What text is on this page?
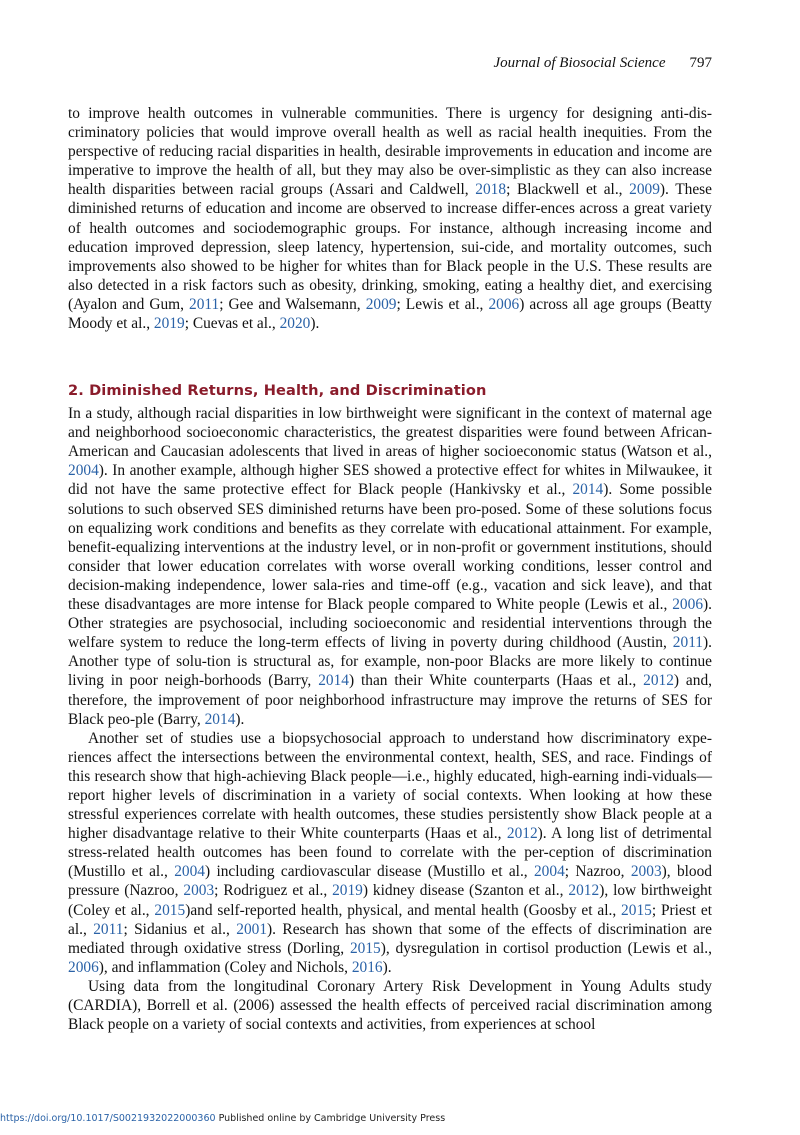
Journal of Biosocial Science 797

to improve health outcomes in vulnerable communities. There is urgency for designing anti-dis-criminatory policies that would improve overall health as well as racial health inequities. From the perspective of reducing racial disparities in health, desirable improvements in education and income are imperative to improve the health of all, but they may also be over-simplistic as they can also increase health disparities between racial groups (Assari and Caldwell, 2018; Blackwell et al., 2009). These diminished returns of education and income are observed to increase differ-ences across a great variety of health outcomes and sociodemographic groups. For instance, although increasing income and education improved depression, sleep latency, hypertension, sui-cide, and mortality outcomes, such improvements also showed to be higher for whites than for Black people in the U.S. These results are also detected in a risk factors such as obesity, drinking, smoking, eating a healthy diet, and exercising (Ayalon and Gum, 2011; Gee and Walsemann, 2009; Lewis et al., 2006) across all age groups (Beatty Moody et al., 2019; Cuevas et al., 2020).

2. Diminished Returns, Health, and Discrimination

In a study, although racial disparities in low birthweight were significant in the context of maternal age and neighborhood socioeconomic characteristics, the greatest disparities were found between African-American and Caucasian adolescents that lived in areas of higher socioeconomic status (Watson et al., 2004). In another example, although higher SES showed a protective effect for whites in Milwaukee, it did not have the same protective effect for Black people (Hankivsky et al., 2014). Some possible solutions to such observed SES diminished returns have been pro-posed. Some of these solutions focus on equalizing work conditions and benefits as they correlate with educational attainment. For example, benefit-equalizing interventions at the industry level, or in non-profit or government institutions, should consider that lower education correlates with worse overall working conditions, lesser control and decision-making independence, lower sala-ries and time-off (e.g., vacation and sick leave), and that these disadvantages are more intense for Black people compared to White people (Lewis et al., 2006). Other strategies are psychosocial, including socioeconomic and residential interventions through the welfare system to reduce the long-term effects of living in poverty during childhood (Austin, 2011). Another type of solu-tion is structural as, for example, non-poor Blacks are more likely to continue living in poor neigh-borhoods (Barry, 2014) than their White counterparts (Haas et al., 2012) and, therefore, the improvement of poor neighborhood infrastructure may improve the returns of SES for Black peo-ple (Barry, 2014).

Another set of studies use a biopsychosocial approach to understand how discriminatory expe-riences affect the intersections between the environmental context, health, SES, and race. Findings of this research show that high-achieving Black people—i.e., highly educated, high-earning indi-viduals—report higher levels of discrimination in a variety of social contexts. When looking at how these stressful experiences correlate with health outcomes, these studies persistently show Black people at a higher disadvantage relative to their White counterparts (Haas et al., 2012). A long list of detrimental stress-related health outcomes has been found to correlate with the per-ception of discrimination (Mustillo et al., 2004) including cardiovascular disease (Mustillo et al., 2004; Nazroo, 2003), blood pressure (Nazroo, 2003; Rodriguez et al., 2019) kidney disease (Szanton et al., 2012), low birthweight (Coley et al., 2015)and self-reported health, physical, and mental health (Goosby et al., 2015; Priest et al., 2011; Sidanius et al., 2001). Research has shown that some of the effects of discrimination are mediated through oxidative stress (Dorling, 2015), dysregulation in cortisol production (Lewis et al., 2006), and inflammation (Coley and Nichols, 2016).

Using data from the longitudinal Coronary Artery Risk Development in Young Adults study (CARDIA), Borrell et al. (2006) assessed the health effects of perceived racial discrimination among Black people on a variety of social contexts and activities, from experiences at school

https://doi.org/10.1017/S0021932022000360 Published online by Cambridge University Press
